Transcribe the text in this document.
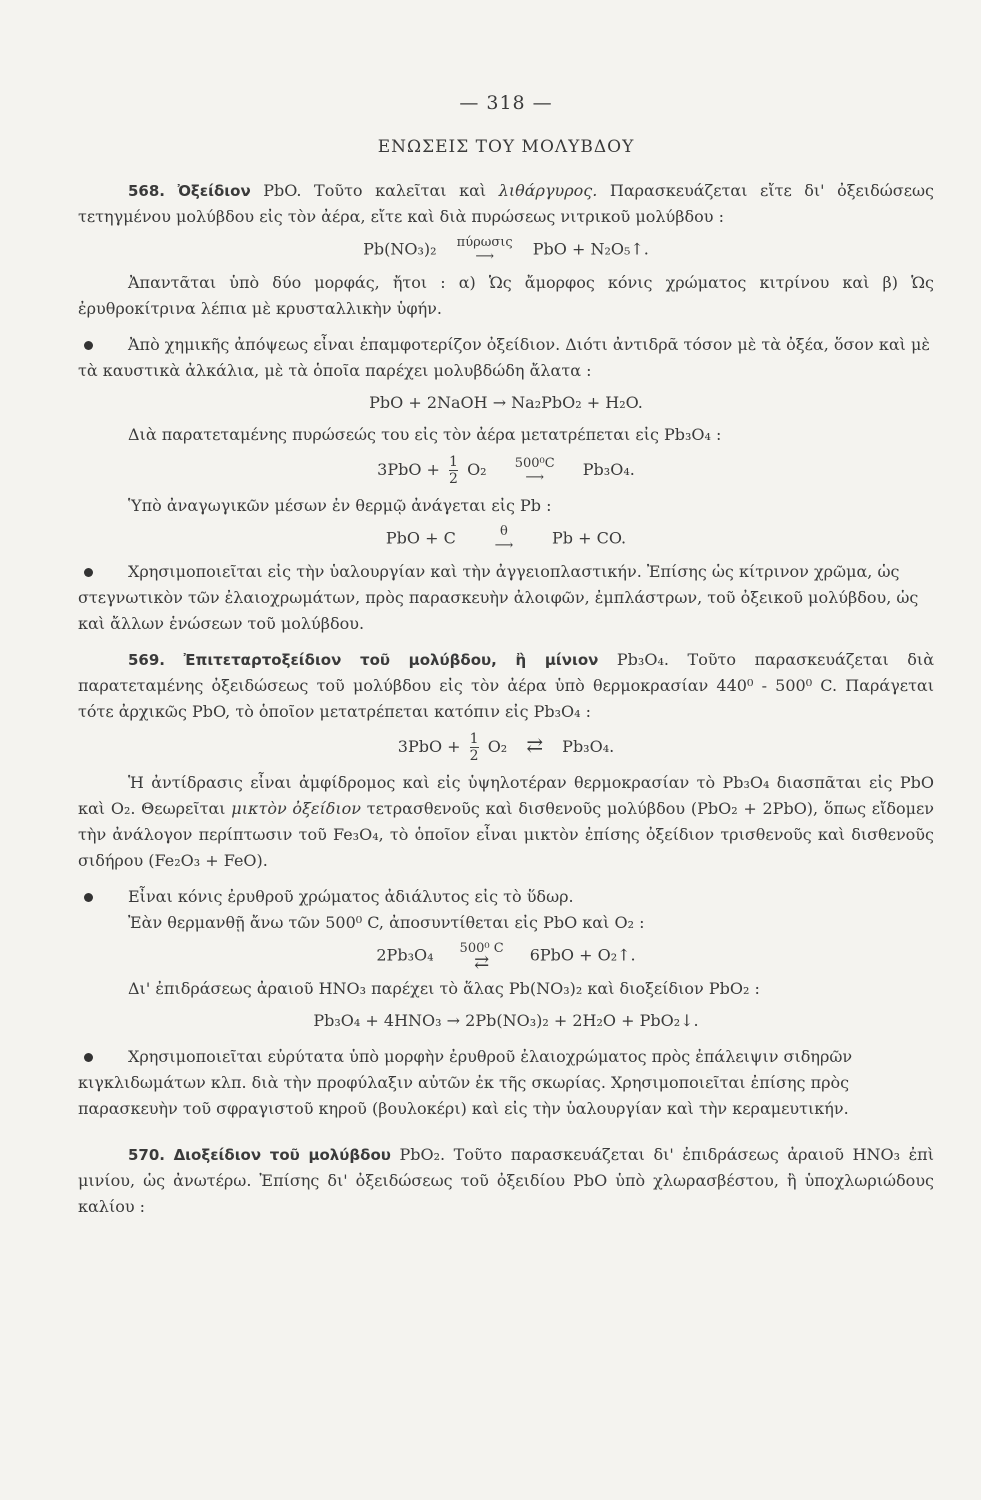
— 318 —
ΕΝΩΣΕΙΣ ΤΟΥ ΜΟΛΥΒΔΟΥ

568. Ὀξείδιον PbO. Τοῦτο καλεῖται καὶ λιθάργυρος. Παρασκευάζεται εἴτε δι' ὀξειδώσεως τετηγμένου μολύβδου εἰς τὸν ἀέρα, εἴτε καὶ διὰ πυρώσεως νιτρικοῦ μολύβδου :

Pb(NO₃)₂	πύρωσις
⟶	PbO + N₂O₅↑.

Ἀπαντᾶται ὑπὸ δύο μορφάς, ἤτοι : α) Ὡς ἄμορφος κόνις χρώματος κιτρίνου καὶ β) Ὡς ἐρυθροκίτρινα λέπια μὲ κρυσταλλικὴν ὑφήν.

Ἀπὸ χημικῆς ἀπόψεως εἶναι ἐπαμφοτερίζον ὀξείδιον. Διότι ἀντιδρᾶ τόσον μὲ τὰ ὀξέα, ὅσον καὶ μὲ τὰ καυστικὰ ἀλκάλια, μὲ τὰ ὁποῖα παρέχει μολυβδώδη ἄλατα :
PbO + 2NaOH → Na₂PbO₂ + H₂O.

Διὰ παρατεταμένης πυρώσεώς του εἰς τὸν ἀέρα μετατρέπεται εἰς Pb₃O₄ :

$3PbO + \frac{1}{2} O_2$	500⁰C
⟶	Pb₃O₄.

Ὑπὸ ἀναγωγικῶν μέσων ἐν θερμῷ ἀνάγεται εἰς Pb :

PbO + C	θ
⟶	Pb + CO.
Χρησιμοποιεῖται εἰς τὴν ὑαλουργίαν καὶ τὴν ἀγγειοπλαστικήν. Ἐπίσης ὡς κίτρινον χρῶμα, ὡς στεγνωτικὸν τῶν ἐλαιοχρωμάτων, πρὸς παρασκευὴν ἀλοιφῶν, ἐμπλάστρων, τοῦ ὀξεικοῦ μολύβδου, ὡς καὶ ἄλλων ἑνώσεων τοῦ μολύβδου.

569. Ἐπιτεταρτοξείδιον τοῦ μολύβδου, ἢ μίνιον Pb₃O₄. Τοῦτο παρασκευάζεται διὰ παρατεταμένης ὀξειδώσεως τοῦ μολύβδου εἰς τὸν ἀέρα ὑπὸ θερμοκρασίαν 440⁰ - 500⁰ C. Παράγεται τότε ἀρχικῶς PbO, τὸ ὁποῖον μετατρέπεται κατόπιν εἰς Pb₃O₄ :

$3PbO + \frac{1}{2} O_2$ ⇄ Pb₃O₄.

Ἡ ἀντίδρασις εἶναι ἀμφίδρομος καὶ εἰς ὑψηλοτέραν θερμοκρασίαν τὸ Pb₃O₄ διασπᾶται εἰς PbO καὶ O₂. Θεωρεῖται μικτὸν ὀξείδιον τετρασθενοῦς καὶ δισθενοῦς μολύβδου (PbO₂ + 2PbO), ὅπως εἴδομεν τὴν ἀνάλογον περίπτωσιν τοῦ Fe₃O₄, τὸ ὁποῖον εἶναι μικτὸν ἐπίσης ὀξείδιον τρισθενοῦς καὶ δισθενοῦς σιδήρου (Fe₂O₃ + FeO).

Εἶναι κόνις ἐρυθροῦ χρώματος ἀδιάλυτος εἰς τὸ ὕδωρ.

Ἐὰν θερμανθῇ ἄνω τῶν 500⁰ C, ἀποσυντίθεται εἰς PbO καὶ O₂ :

2Pb₃O₄	500⁰ C
⇄	6PbO + O₂↑.

Δι' ἐπιδράσεως ἀραιοῦ HNO₃ παρέχει τὸ ἅλας Pb(NO₃)₂ καὶ διοξείδιον PbO₂ :

Pb₃O₄ + 4HNO₃ → 2Pb(NO₃)₂ + 2H₂O + PbO₂↓.
Χρησιμοποιεῖται εὐρύτατα ὑπὸ μορφὴν ἐρυθροῦ ἐλαιοχρώματος πρὸς ἐπάλειψιν σιδηρῶν κιγκλιδωμάτων κλπ. διὰ τὴν προφύλαξιν αὐτῶν ἐκ τῆς σκωρίας. Χρησιμοποιεῖται ἐπίσης πρὸς παρασκευὴν τοῦ σφραγιστοῦ κηροῦ (βουλοκέρι) καὶ εἰς τὴν ὑαλουργίαν καὶ τὴν κεραμευτικήν.

570. Διοξείδιον τοῦ μολύβδου PbO₂. Τοῦτο παρασκευάζεται δι' ἐπιδράσεως ἀραιοῦ HNO₃ ἐπὶ μινίου, ὡς ἀνωτέρω. Ἐπίσης δι' ὀξειδώσεως τοῦ ὀξειδίου PbO ὑπὸ χλωρασβέστου, ἢ ὑποχλωριώδους καλίου :
